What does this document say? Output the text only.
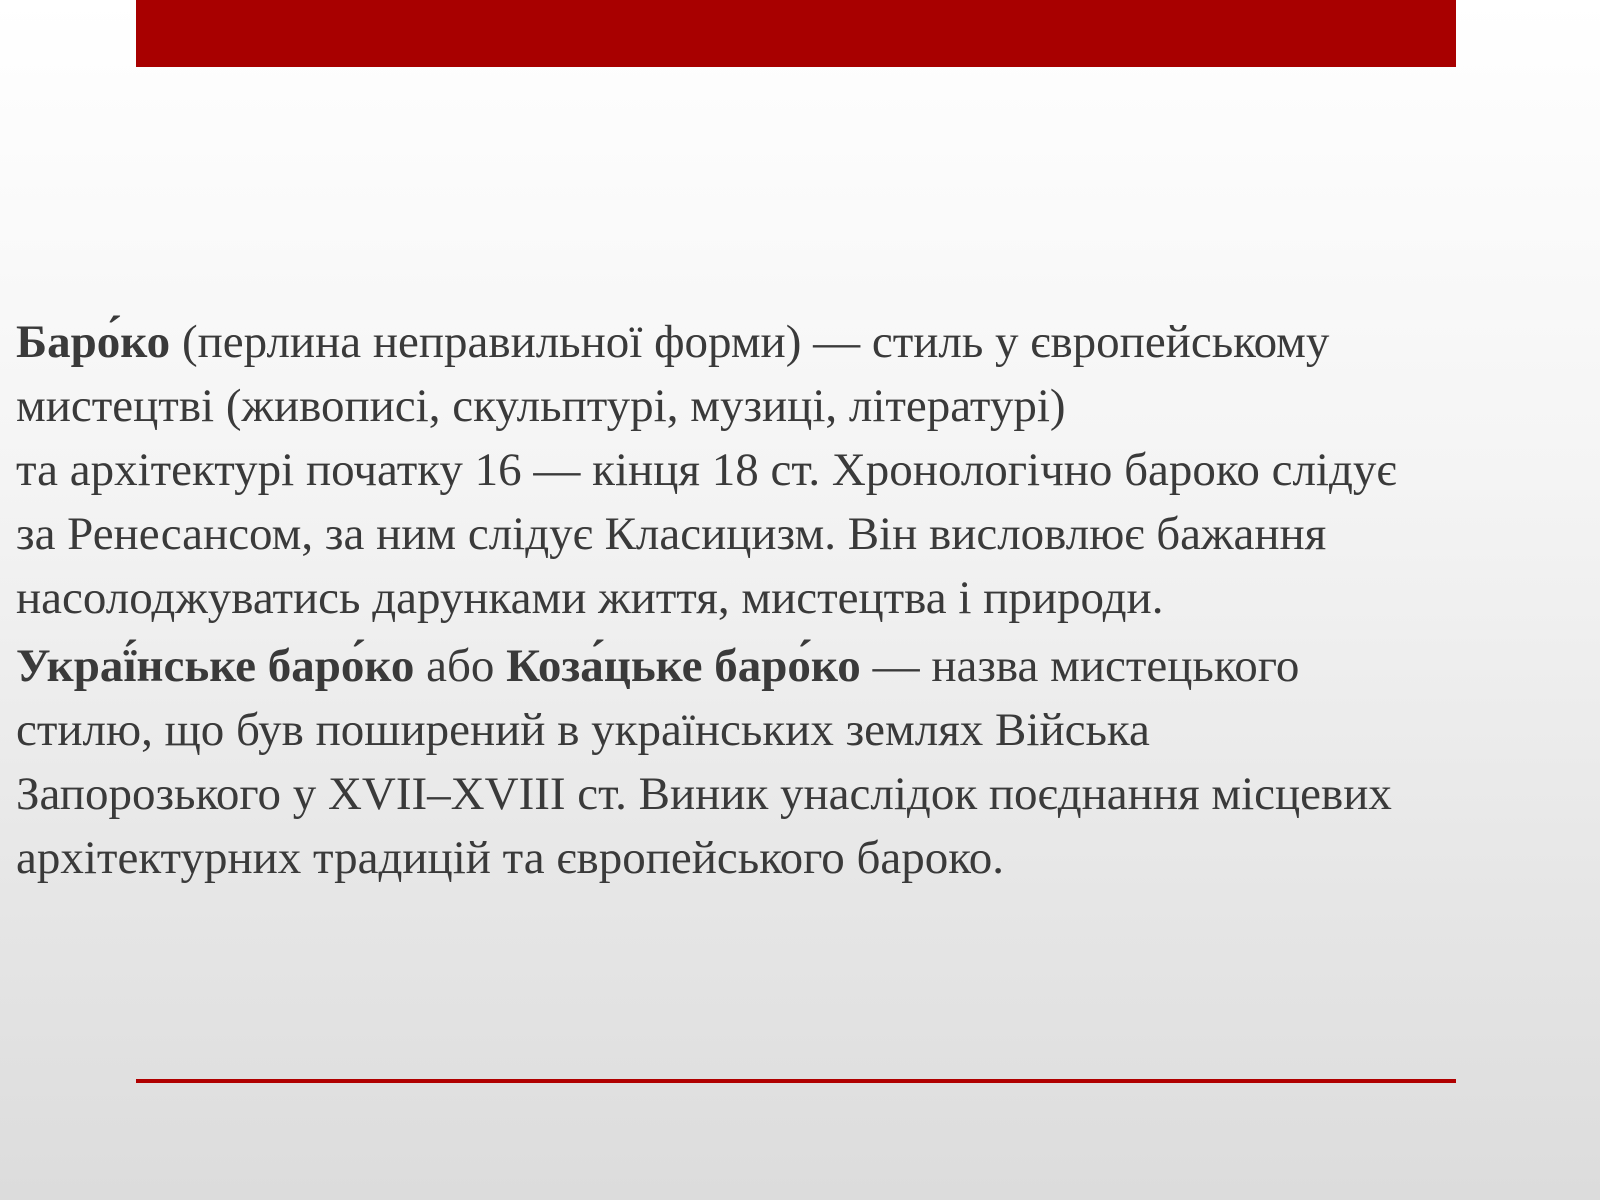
Баро́ко (перлина неправильної форми) — стиль у європейському
мистецтві (живописі, скульптурі, музиці, літературі)
та архітектурі початку 16 — кінця 18 ст. Хронологічно бароко слідує
за Ренесансом, за ним слідує Класицизм. Він висловлює бажання
насолоджуватись дарунками життя, мистецтва і природи.

Украї́нське баро́ко або Коза́цьке баро́ко — назва мистецького
стилю, що був поширений в українських землях Війська
Запорозького у XVII–XVIII ст. Виник унаслідок поєднання місцевих
архітектурних традицій та європейського бароко.
